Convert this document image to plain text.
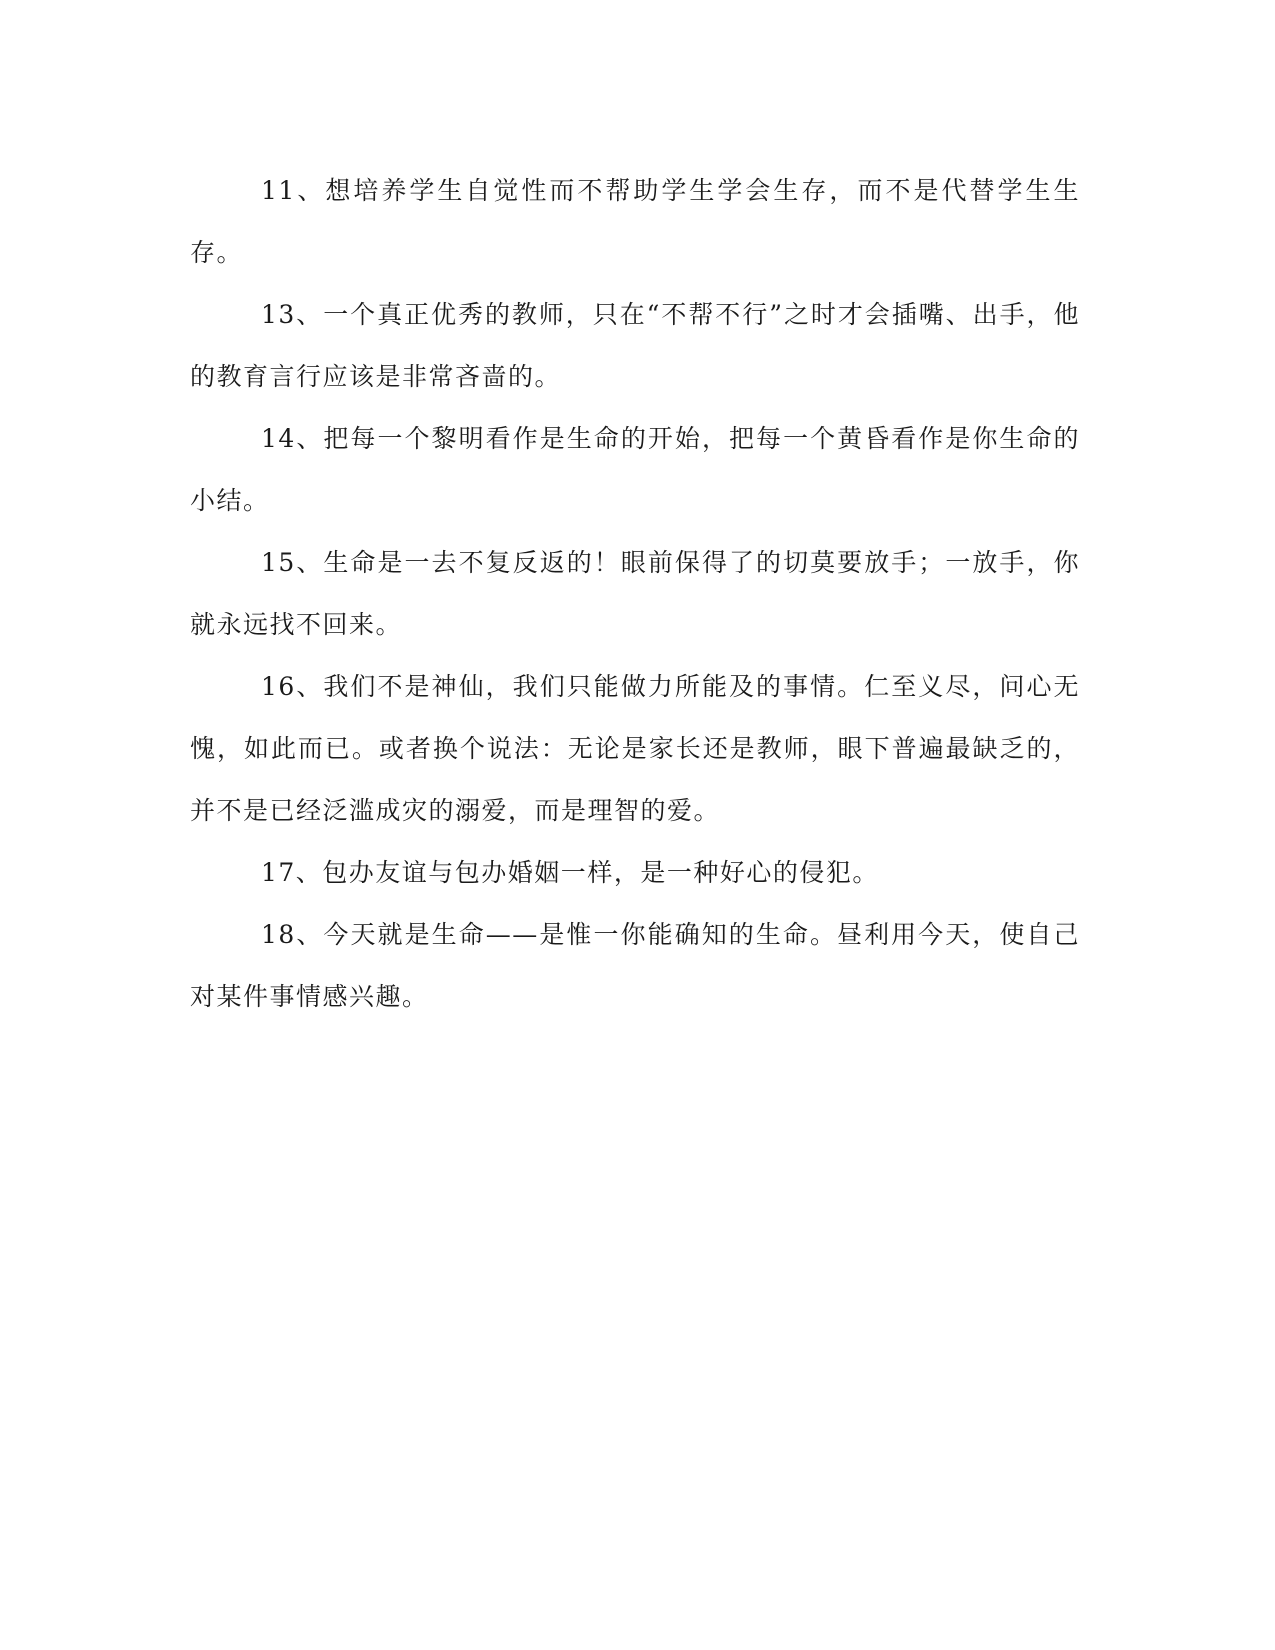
11、想培养学生自觉性而不帮助学生学会生存，而不是代替学生生存。

13、一个真正优秀的教师，只在“不帮不行”之时才会插嘴、出手，他的教育言行应该是非常吝啬的。

14、把每一个黎明看作是生命的开始，把每一个黄昏看作是你生命的小结。

15、生命是一去不复反返的！眼前保得了的切莫要放手；一放手，你就永远找不回来。

16、我们不是神仙，我们只能做力所能及的事情。仁至义尽，问心无愧，如此而已。或者换个说法：无论是家长还是教师，眼下普遍最缺乏的，并不是已经泛滥成灾的溺爱，而是理智的爱。

17、包办友谊与包办婚姻一样，是一种好心的侵犯。

18、今天就是生命——是惟一你能确知的生命。昼利用今天，使自己对某件事情感兴趣。
